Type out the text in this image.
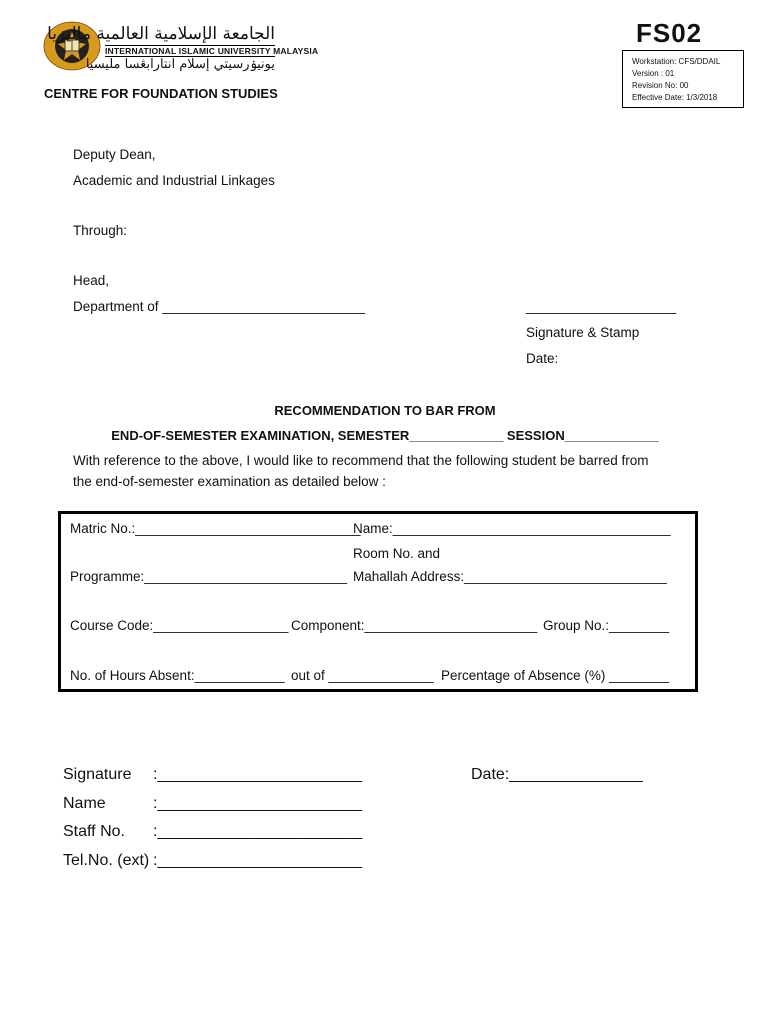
الجامعة الإسلامية العالمية ماليزيا
INTERNATIONAL ISLAMIC UNIVERSITY MALAYSIA
يونيۏرسيتي إسلام انتارابڠسا مليسيا
CENTRE FOR FOUNDATION STUDIES
FS02
Workstation: CFS/DDAIL
Version : 01
Revision No: 00
Effective Date: 1/3/2018
Deputy Dean,
Academic and Industrial Linkages
Through:
Head,
Department of ___________________________	____________________
Signature & Stamp
Date:
RECOMMENDATION TO BAR FROM
END-OF-SEMESTER EXAMINATION, SEMESTER_____________ SESSION_____________
With reference to the above, I would like to recommend that the following student be barred from
the end-of-semester examination as detailed below :
Matric No.:______________________________
Name:_____________________________________
Room No. and
Programme:___________________________ Mahallah Address:___________________________
Course Code:__________________ Component:_______________________ Group No.:________
No. of Hours Absent:____________ out of ______________ Percentage of Absence (%) ________
Signature :_______________________	Date:_______________
Name	:_______________________
Staff No. :_______________________
Tel.No. (ext) :_______________________
